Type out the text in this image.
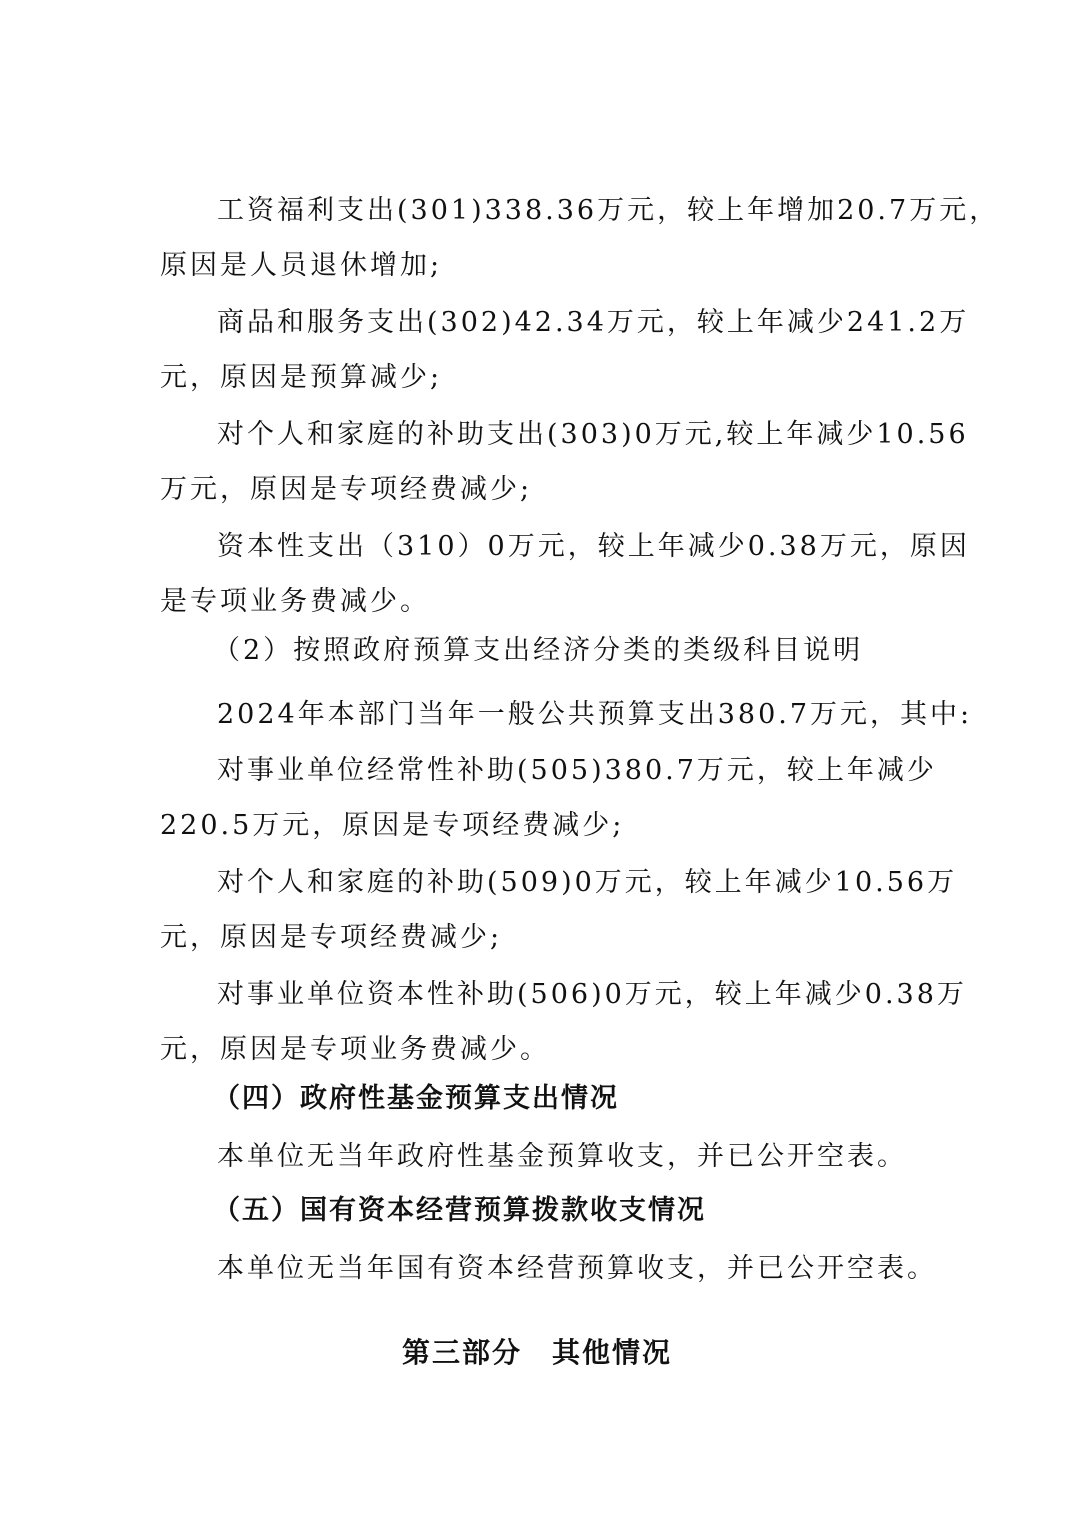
工资福利支出(301)338.36万元，较上年增加20.7万元，
原因是人员退休增加;
商品和服务支出(302)42.34万元，较上年减少241.2万
元，原因是预算减少;
对个人和家庭的补助支出(303)0万元,较上年减少10.56
万元，原因是专项经费减少;
资本性支出（310）0万元，较上年减少0.38万元，原因
是专项业务费减少。
（2）按照政府预算支出经济分类的类级科目说明
2024年本部门当年一般公共预算支出380.7万元，其中:
对事业单位经常性补助(505)380.7万元，较上年减少
220.5万元，原因是专项经费减少;
对个人和家庭的补助(509)0万元，较上年减少10.56万
元，原因是专项经费减少;
对事业单位资本性补助(506)0万元，较上年减少0.38万
元，原因是专项业务费减少。
（四）政府性基金预算支出情况
本单位无当年政府性基金预算收支，并已公开空表。
（五）国有资本经营预算拨款收支情况
本单位无当年国有资本经营预算收支，并已公开空表。
第三部分　其他情况
